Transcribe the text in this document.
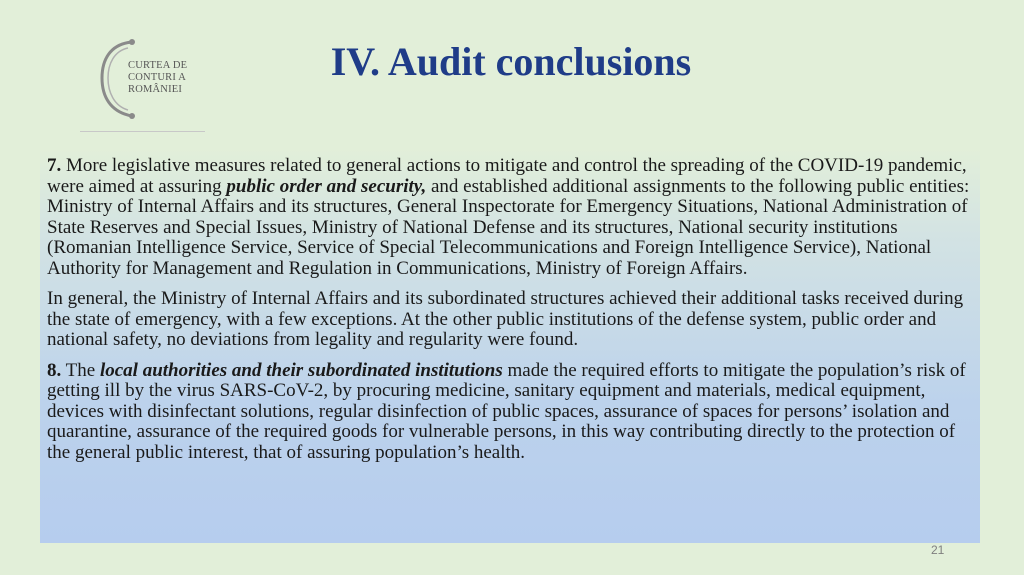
CURTEA DE
CONTURI A
ROMÂNIEI
IV. Audit conclusions

7. More legislative measures related to general actions to mitigate and control the spreading of the COVID-19 pandemic, were aimed at assuring public order and security, and established additional assignments to the following public entities: Ministry of Internal Affairs and its structures, General Inspectorate for Emergency Situations, National Administration of State Reserves and Special Issues, Ministry of National Defense and its structures, National security institutions (Romanian Intelligence Service, Service of Special Telecommunications and Foreign Intelligence Service), National Authority for Management and Regulation in Communications, Ministry of Foreign Affairs.

In general, the Ministry of Internal Affairs and its subordinated structures achieved their additional tasks received during the state of emergency, with a few exceptions. At the other public institutions of the defense system, public order and national safety, no deviations from legality and regularity were found.

8. The local authorities and their subordinated institutions made the required efforts to mitigate the population’s risk of getting ill by the virus SARS-CoV-2, by procuring medicine, sanitary equipment and materials, medical equipment, devices with disinfectant solutions, regular disinfection of public spaces, assurance of spaces for persons’ isolation and quarantine, assurance of the required goods for vulnerable persons, in this way contributing directly to the protection of the general public interest, that of assuring population’s health.

21
